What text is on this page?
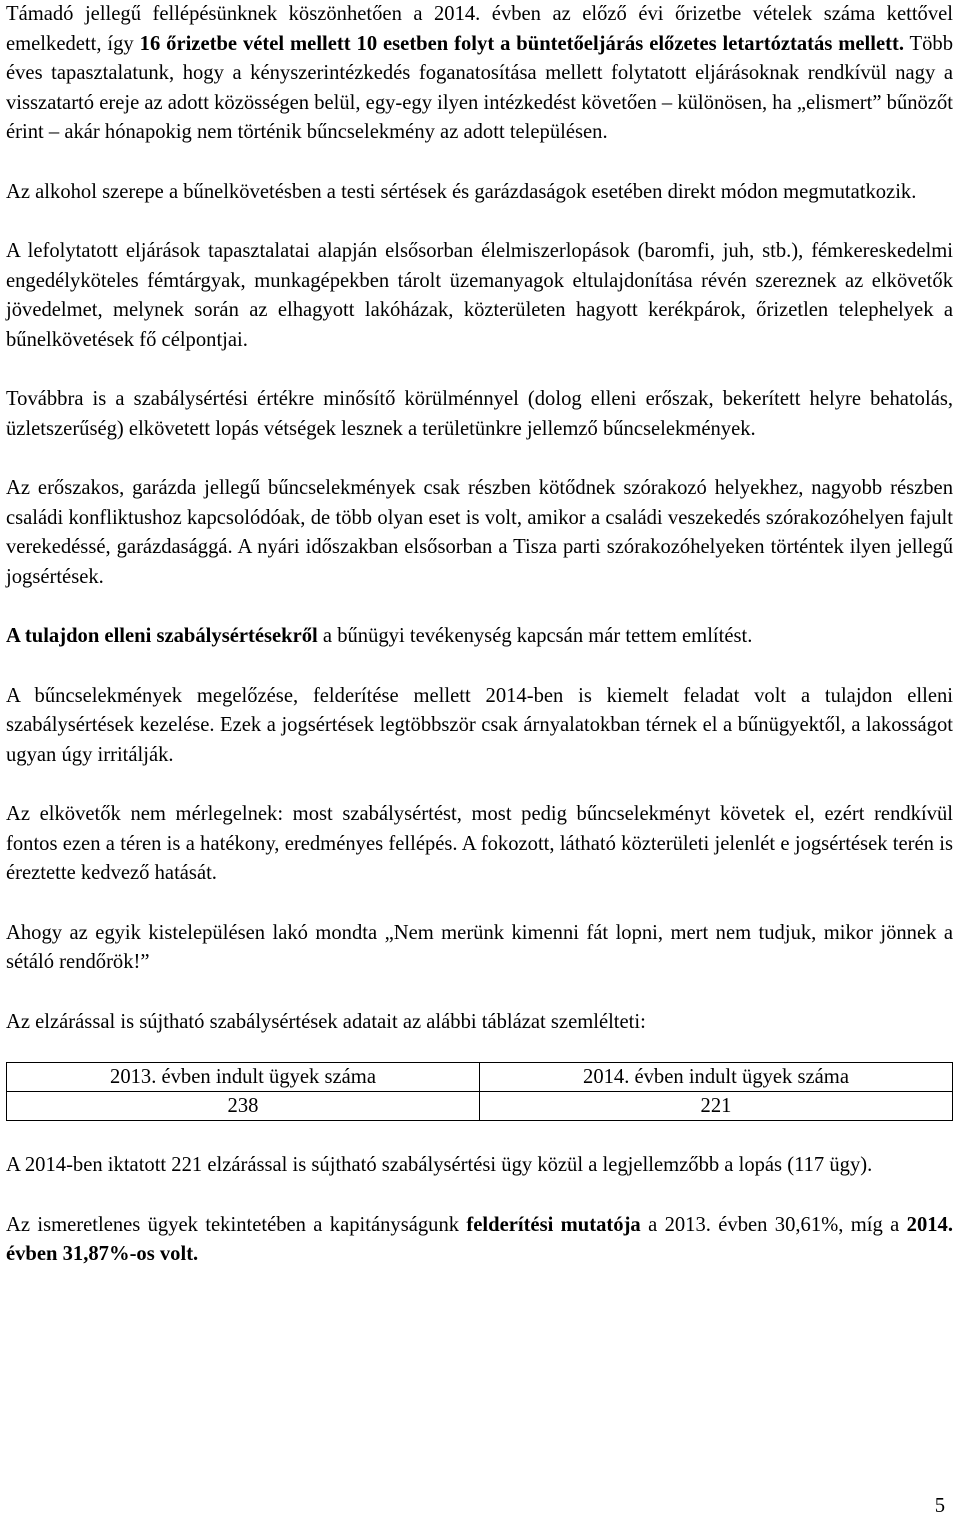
Támadó jellegű fellépésünknek köszönhetően a 2014. évben az előző évi őrizetbe vételek száma kettővel emelkedett, így 16 őrizetbe vétel mellett 10 esetben folyt a büntetőeljárás előzetes letartóztatás mellett. Több éves tapasztalatunk, hogy a kényszerintézkedés foganatosítása mellett folytatott eljárásoknak rendkívül nagy a visszatartó ereje az adott közösségen belül, egy-egy ilyen intézkedést követően – különösen, ha „elismert” bűnözőt érint – akár hónapokig nem történik bűncselekmény az adott településen.

Az alkohol szerepe a bűnelkövetésben a testi sértések és garázdaságok esetében direkt módon megmutatkozik.

A lefolytatott eljárások tapasztalatai alapján elsősorban élelmiszerlopások (baromfi, juh, stb.), fémkereskedelmi engedélyköteles fémtárgyak, munkagépekben tárolt üzemanyagok eltulajdonítása révén szereznek az elkövetők jövedelmet, melynek során az elhagyott lakóházak, közterületen hagyott kerékpárok, őrizetlen telephelyek a bűnelkövetések fő célpontjai.

Továbbra is a szabálysértési értékre minősítő körülménnyel (dolog elleni erőszak, bekerített helyre behatolás, üzletszerűség) elkövetett lopás vétségek lesznek a területünkre jellemző bűncselekmények.

Az erőszakos, garázda jellegű bűncselekmények csak részben kötődnek szórakozó helyekhez, nagyobb részben családi konfliktushoz kapcsolódóak, de több olyan eset is volt, amikor a családi veszekedés szórakozóhelyen fajult verekedéssé, garázdasággá. A nyári időszakban elsősorban a Tisza parti szórakozóhelyeken történtek ilyen jellegű jogsértések.

A tulajdon elleni szabálysértésekről a bűnügyi tevékenység kapcsán már tettem említést.

A bűncselekmények megelőzése, felderítése mellett 2014-ben is kiemelt feladat volt a tulajdon elleni szabálysértések kezelése. Ezek a jogsértések legtöbbször csak árnyalatokban térnek el a bűnügyektől, a lakosságot ugyan úgy irritálják.

Az elkövetők nem mérlegelnek: most szabálysértést, most pedig bűncselekményt követek el, ezért rendkívül fontos ezen a téren is a hatékony, eredményes fellépés. A fokozott, látható közterületi jelenlét e jogsértések terén is éreztette kedvező hatását.

Ahogy az egyik kistelepülésen lakó mondta „Nem merünk kimenni fát lopni, mert nem tudjuk, mikor jönnek a sétáló rendőrök!”

Az elzárással is sújtható szabálysértések adatait az alábbi táblázat szemlélteti:

2013. évben indult ügyek száma	2014. évben indult ügyek száma
238	221

A 2014-ben iktatott 221 elzárással is sújtható szabálysértési ügy közül a legjellemzőbb a lopás (117 ügy).

Az ismeretlenes ügyek tekintetében a kapitányságunk felderítési mutatója a 2013. évben 30,61%, míg a 2014. évben 31,87%-os volt.

5
